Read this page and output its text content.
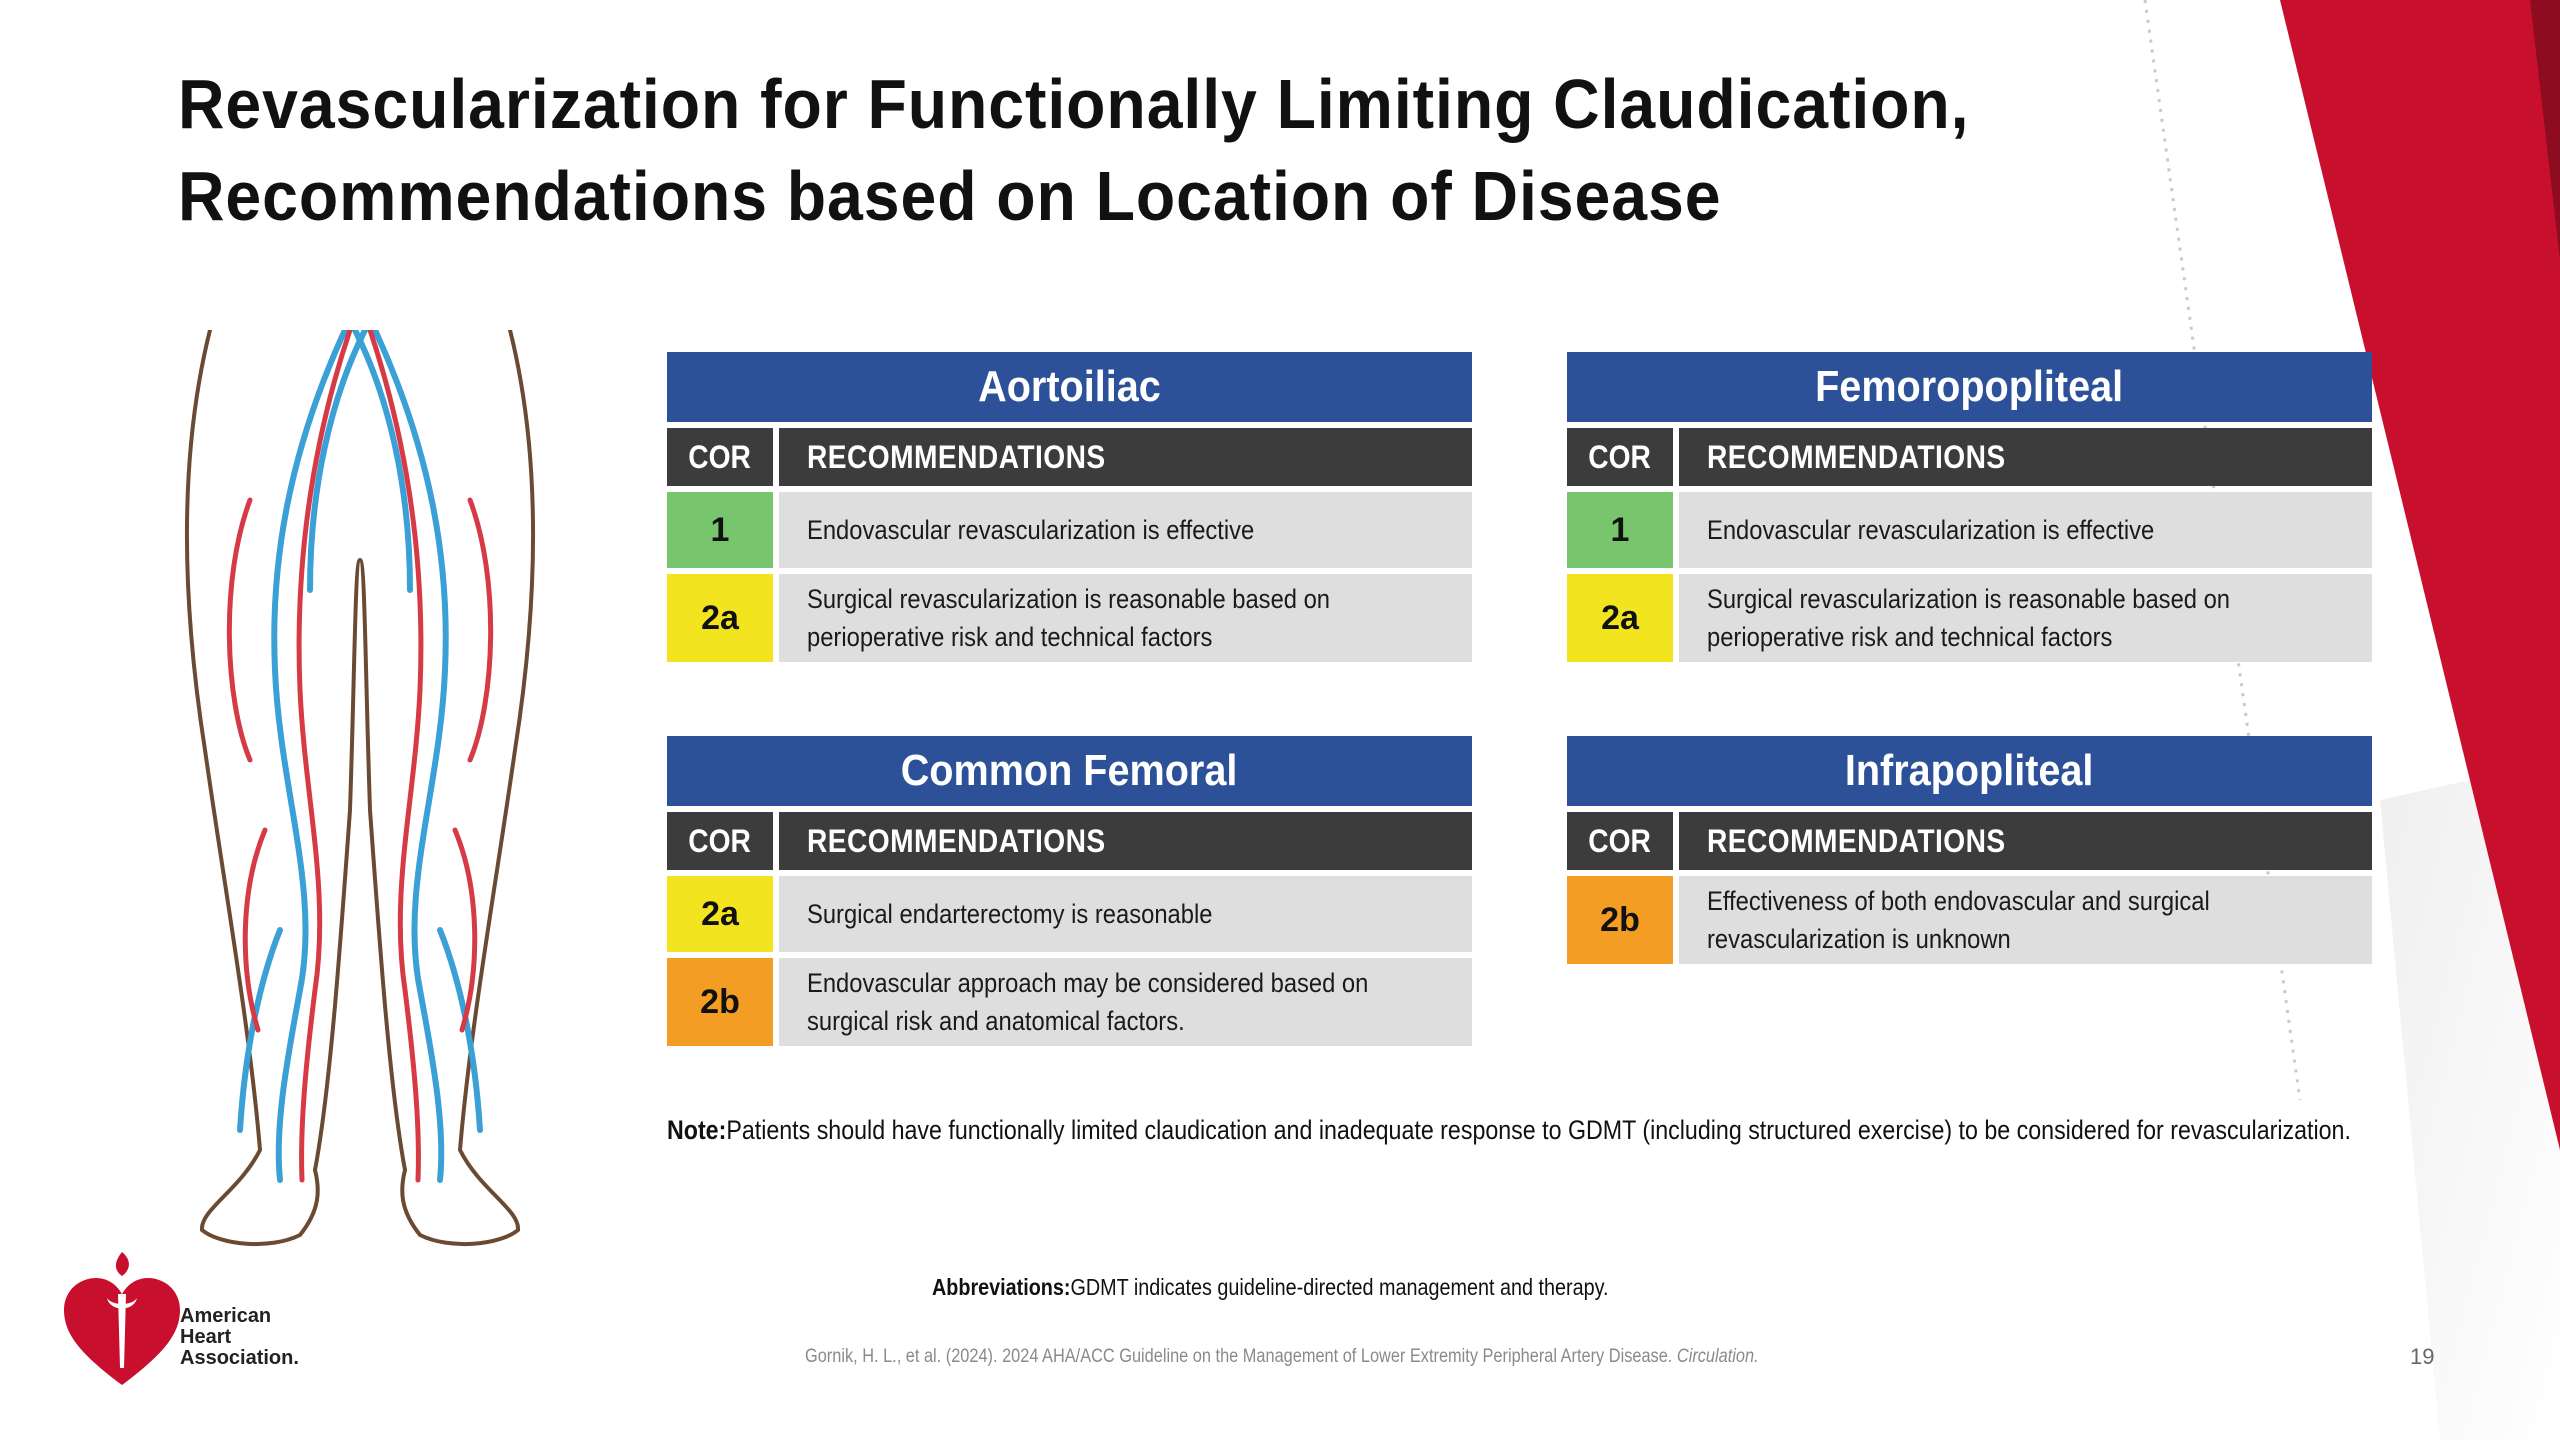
Revascularization for Functionally Limiting Claudication,
Recommendations based on Location of Disease
Aortoiliac
COR RECOMMENDATIONS
1	Endovascular revascularization is effective
2a	Surgical revascularization is reasonable based on perioperative risk and technical factors
Femoropopliteal
COR RECOMMENDATIONS
1	Endovascular revascularization is effective
2a	Surgical revascularization is reasonable based on perioperative risk and technical factors
Common Femoral
COR RECOMMENDATIONS
2a	Surgical endarterectomy is reasonable
2b	Endovascular approach may be considered based on surgical risk and anatomical factors.
Infrapopliteal
COR RECOMMENDATIONS
2b	Effectiveness of both endovascular and surgical revascularization is unknown
Note:Patients should have functionally limited claudication and inadequate response to GDMT (including structured exercise) to be considered for revascularization.
Abbreviations:GDMT indicates guideline-directed management and therapy.
Gornik, H. L., et al. (2024). 2024 AHA/ACC Guideline on the Management of Lower Extremity Peripheral Artery Disease. Circulation.	19
American
Heart
Association.
